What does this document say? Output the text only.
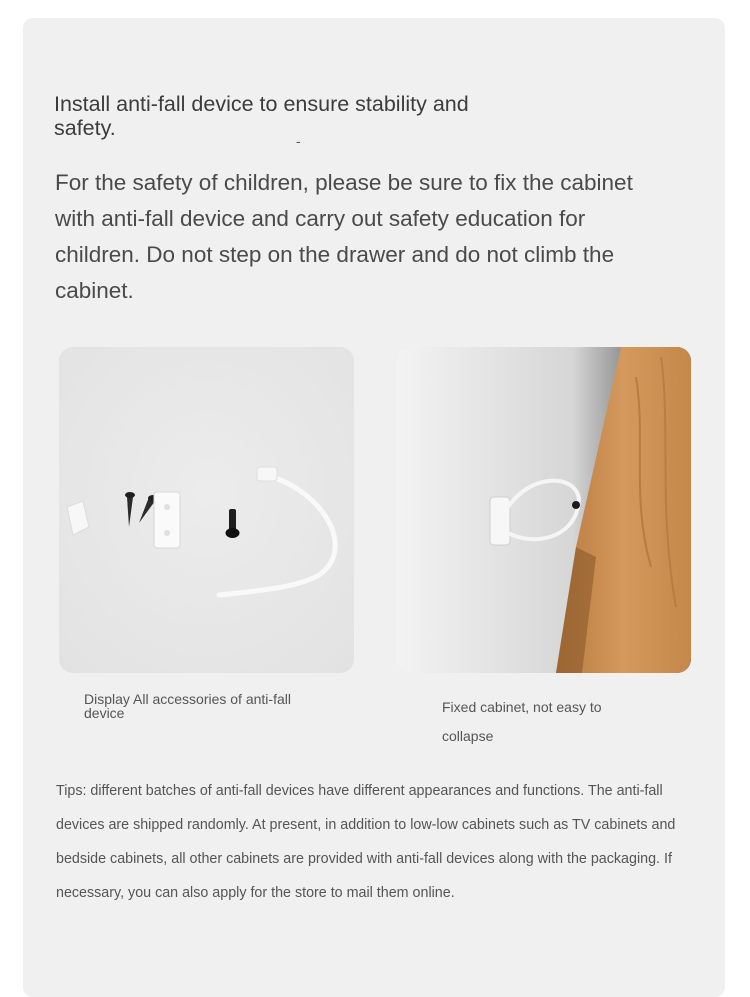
Install anti-fall device to ensure stability and safety.
-

For the safety of children, please be sure to fix the cabinet with anti-fall device and carry out safety education for children. Do not step on the drawer and do not climb the cabinet.

Display All accessories of anti-fall device	Fixed cabinet, not easy to collapse

Tips: different batches of anti-fall devices have different appearances and functions. The anti-fall devices are shipped randomly. At present, in addition to low-low cabinets such as TV cabinets and bedside cabinets, all other cabinets are provided with anti-fall devices along with the packaging. If necessary, you can also apply for the store to mail them online.
